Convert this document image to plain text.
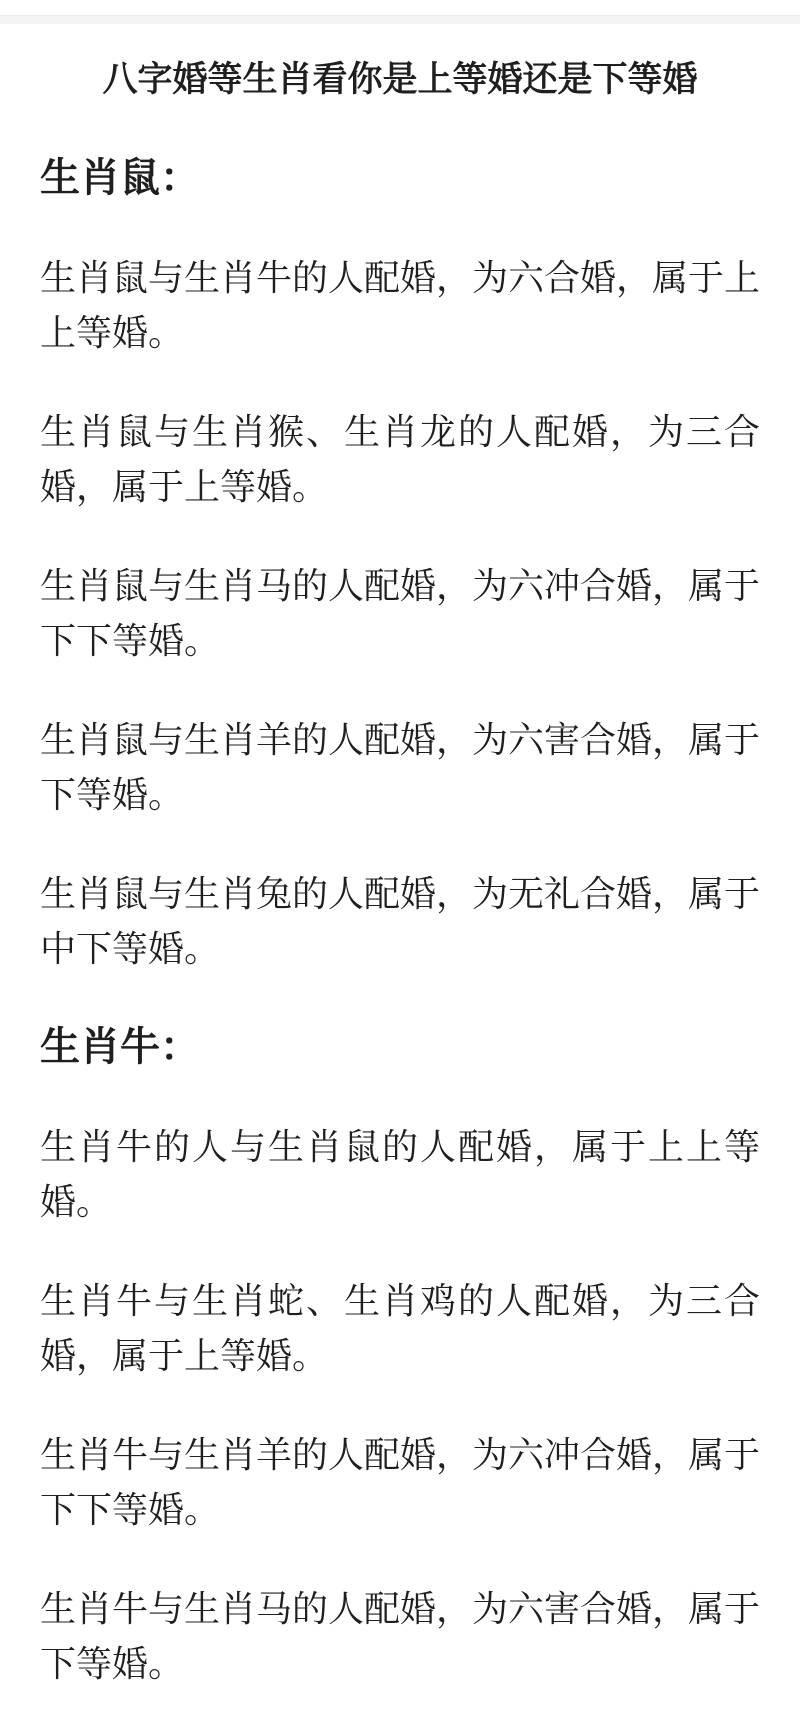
八字婚等生肖看你是上等婚还是下等婚
生肖鼠：

生肖鼠与生肖牛的人配婚，为六合婚，属于上上等婚。

生肖鼠与生肖猴、生肖龙的人配婚，为三合婚，属于上等婚。

生肖鼠与生肖马的人配婚，为六冲合婚，属于下下等婚。

生肖鼠与生肖羊的人配婚，为六害合婚，属于下等婚。

生肖鼠与生肖兔的人配婚，为无礼合婚，属于中下等婚。

生肖牛：

生肖牛的人与生肖鼠的人配婚，属于上上等婚。

生肖牛与生肖蛇、生肖鸡的人配婚，为三合婚，属于上等婚。

生肖牛与生肖羊的人配婚，为六冲合婚，属于下下等婚。

生肖牛与生肖马的人配婚，为六害合婚，属于下等婚。
